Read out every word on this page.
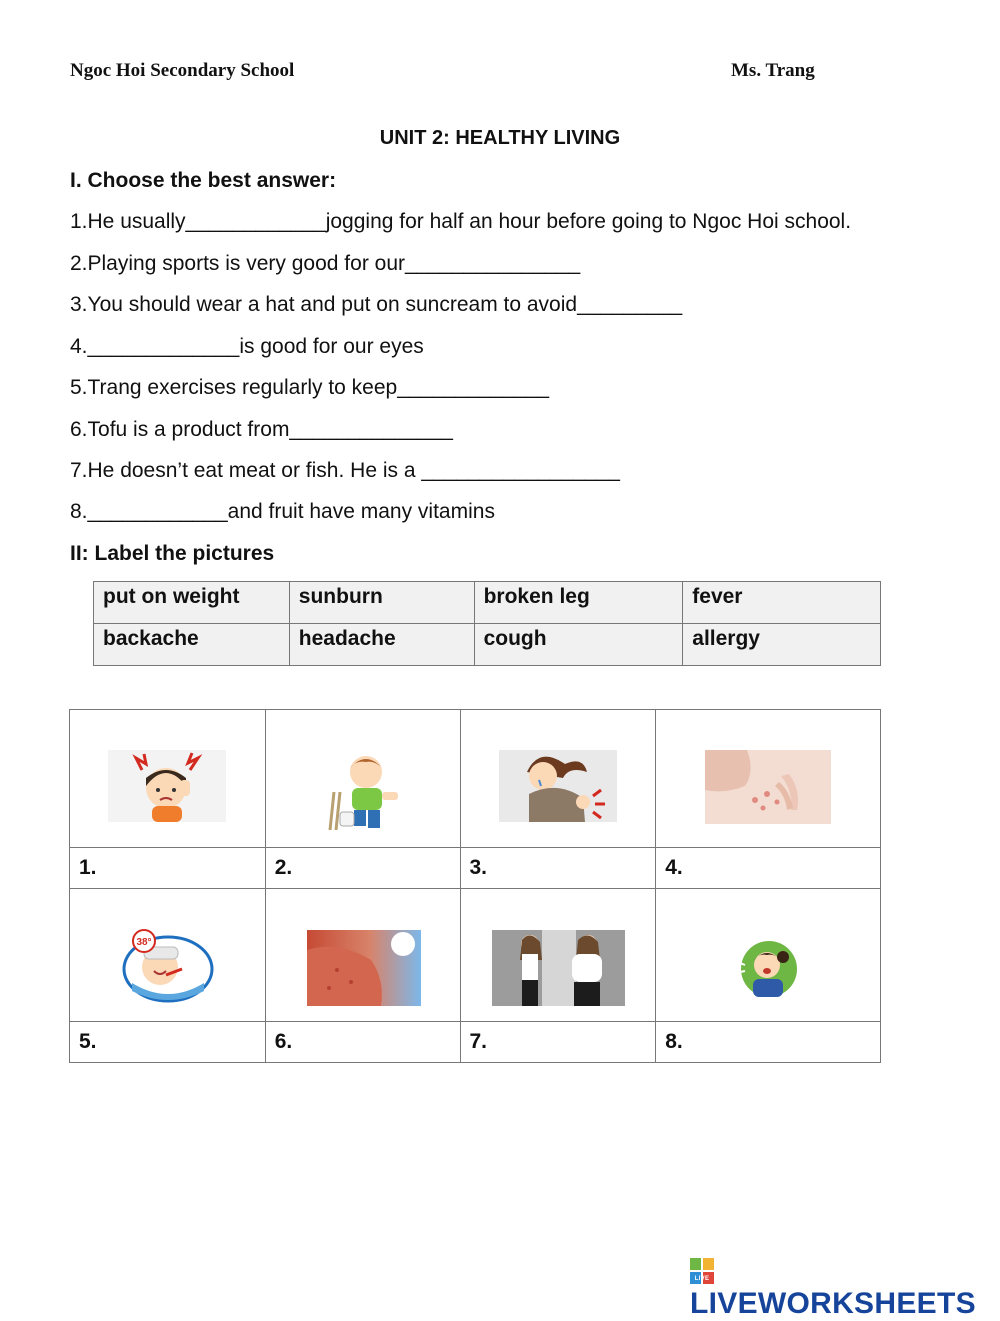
Ngoc Hoi Secondary School	Ms. Trang
UNIT 2: HEALTHY LIVING
I. Choose the best answer:
1.He usually____________jogging for half an hour before going to Ngoc Hoi school.
2.Playing sports is very good for our_______________
3.You should wear a hat and put on suncream to avoid_________
4._____________is good for our eyes
5.Trang exercises regularly to keep_____________
6.Tofu is a product from______________
7.He doesn’t eat meat or fish. He is a _________________
8.____________and fruit have many vitamins
II: Label the pictures
put on weight	sunburn	broken leg	fever
backache	headache	cough	allergy

1.	2.	3.	4.

38°

5.	6.	7.	8.
LIVE
LIVEWORKSHEETS
